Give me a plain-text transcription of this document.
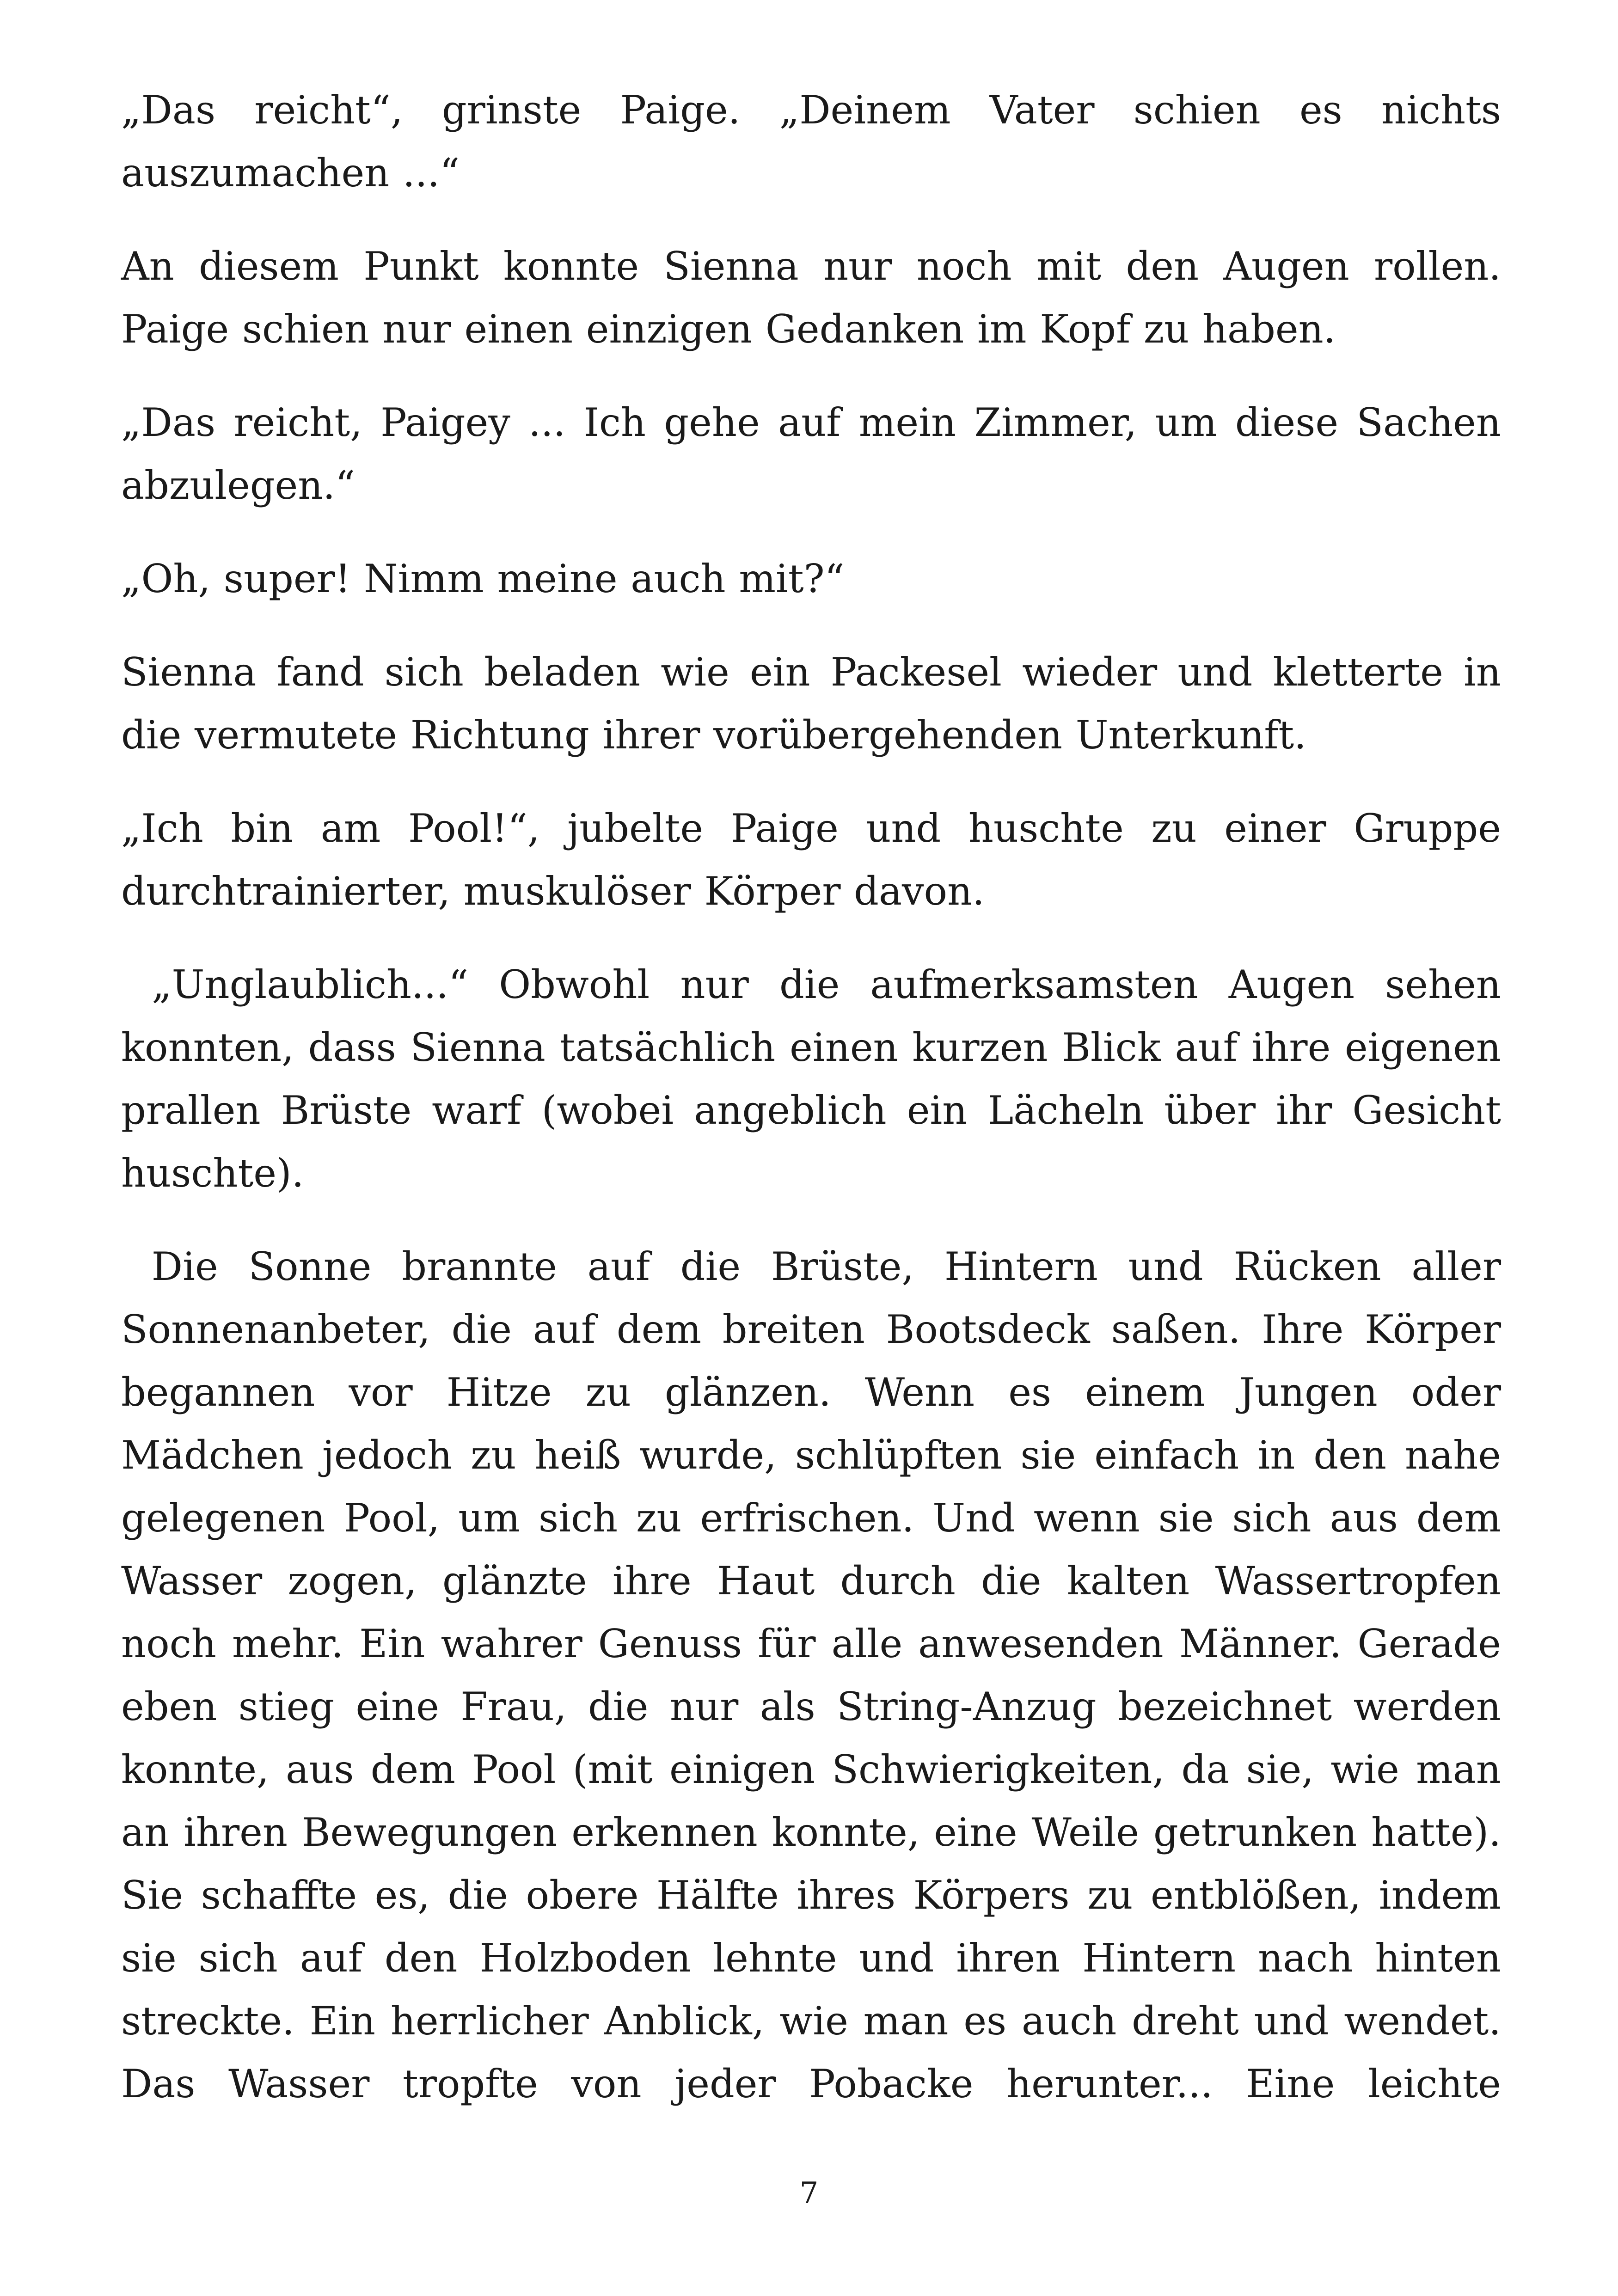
„Das reicht“, grinste Paige. „Deinem Vater schien es nichts auszumachen ...“

An diesem Punkt konnte Sienna nur noch mit den Augen rollen. Paige schien nur einen einzigen Gedanken im Kopf zu haben.

„Das reicht, Paigey ... Ich gehe auf mein Zimmer, um diese Sachen abzulegen.“

„Oh, super! Nimm meine auch mit?“

Sienna fand sich beladen wie ein Packesel wieder und kletterte in die vermutete Richtung ihrer vorübergehenden Unterkunft.

„Ich bin am Pool!“, jubelte Paige und huschte zu einer Gruppe durchtrainierter, muskulöser Körper davon.

„Unglaublich...“ Obwohl nur die aufmerksamsten Augen sehen konnten, dass Sienna tatsächlich einen kurzen Blick auf ihre eigenen prallen Brüste warf (wobei angeblich ein Lächeln über ihr Gesicht huschte).

Die Sonne brannte auf die Brüste, Hintern und Rücken aller Sonnenanbeter, die auf dem breiten Bootsdeck saßen. Ihre Körper begannen vor Hitze zu glänzen. Wenn es einem Jungen oder Mädchen jedoch zu heiß wurde, schlüpften sie einfach in den nahe gelegenen Pool, um sich zu erfrischen. Und wenn sie sich aus dem Wasser zogen, glänzte ihre Haut durch die kalten Wassertropfen noch mehr. Ein wahrer Genuss für alle anwesenden Männer. Gerade eben stieg eine Frau, die nur als String-Anzug bezeichnet werden konnte, aus dem Pool (mit einigen Schwierigkeiten, da sie, wie man an ihren Bewegungen erkennen konnte, eine Weile getrunken hatte). Sie schaffte es, die obere Hälfte ihres Körpers zu entblößen, indem sie sich auf den Holzboden lehnte und ihren Hintern nach hinten streckte. Ein herrlicher Anblick, wie man es auch dreht und wendet. Das Wasser tropfte von jeder Pobacke herunter... Eine leichte

7
